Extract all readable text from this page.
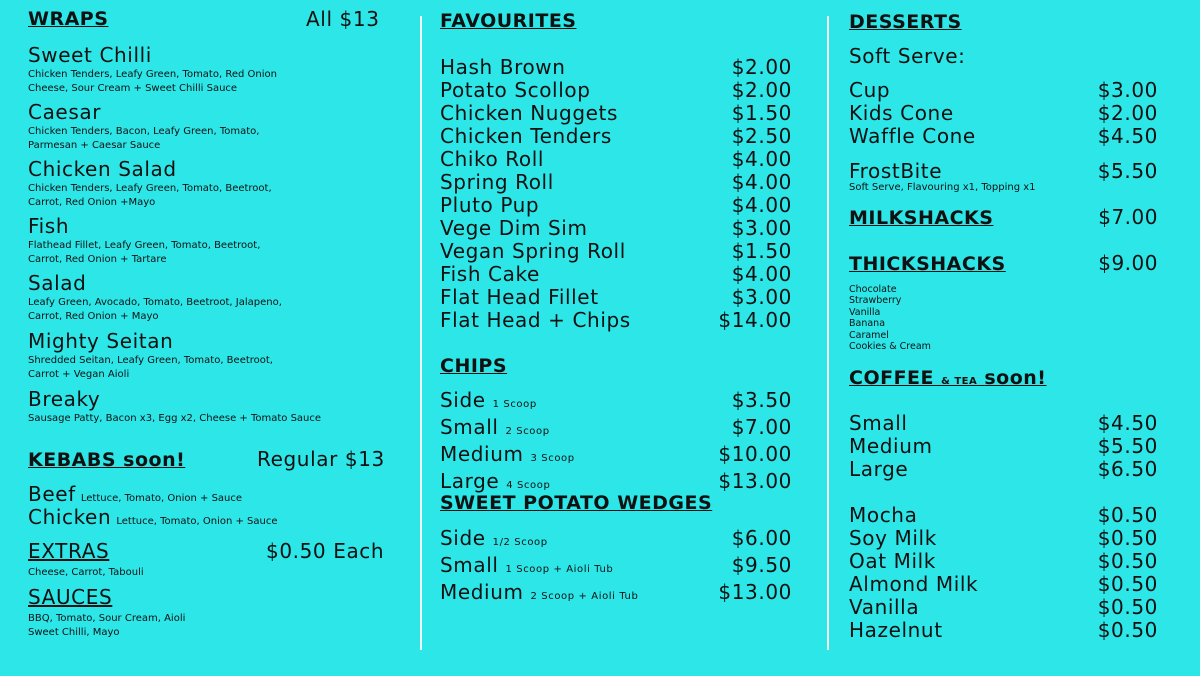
WRAPS	All $13
Sweet Chilli
Chicken Tenders, Leafy Green, Tomato, Red Onion
Cheese, Sour Cream + Sweet Chilli Sauce
Caesar
Chicken Tenders, Bacon, Leafy Green, Tomato,
Parmesan + Caesar Sauce
Chicken Salad
Chicken Tenders, Leafy Green, Tomato, Beetroot,
Carrot, Red Onion +Mayo
Fish
Flathead Fillet, Leafy Green, Tomato, Beetroot,
Carrot, Red Onion + Tartare
Salad
Leafy Green, Avocado, Tomato, Beetroot, Jalapeno,
Carrot, Red Onion + Mayo
Mighty Seitan
Shredded Seitan, Leafy Green, Tomato, Beetroot,
Carrot + Vegan Aioli
Breaky
Sausage Patty, Bacon x3, Egg x2, Cheese + Tomato Sauce
KEBABS soon!	Regular $13
Beef Lettuce, Tomato, Onion + Sauce
Chicken Lettuce, Tomato, Onion + Sauce
EXTRAS	$0.50 Each
Cheese, Carrot, Tabouli
SAUCES
BBQ, Tomato, Sour Cream, Aioli
Sweet Chilli, Mayo
FAVOURITES
Hash Brown	$2.00
Potato Scollop	$2.00
Chicken Nuggets	$1.50
Chicken Tenders	$2.50
Chiko Roll	$4.00
Spring Roll	$4.00
Pluto Pup	$4.00
Vege Dim Sim	$3.00
Vegan Spring Roll	$1.50
Fish Cake	$4.00
Flat Head Fillet	$3.00
Flat Head + Chips	$14.00
CHIPS
Side 1 Scoop	$3.50
Small 2 Scoop	$7.00
Medium 3 Scoop	$10.00
Large 4 Scoop	$13.00
SWEET POTATO WEDGES
Side 1/2 Scoop	$6.00
Small 1 Scoop + Aioli Tub	$9.50
Medium 2 Scoop + Aioli Tub	$13.00
DESSERTS
Soft Serve:
Cup	$3.00
Kids Cone	$2.00
Waffle Cone	$4.50
FrostBite	$5.50
Soft Serve, Flavouring x1, Topping x1
MILKSHACKS	$7.00
THICKSHACKS	$9.00
Chocolate
Strawberry
Vanilla
Banana
Caramel
Cookies & Cream
COFFEE & TEA soon!
Small	$4.50
Medium	$5.50
Large	$6.50
Mocha	$0.50
Soy Milk	$0.50
Oat Milk	$0.50
Almond Milk	$0.50
Vanilla	$0.50
Hazelnut	$0.50
